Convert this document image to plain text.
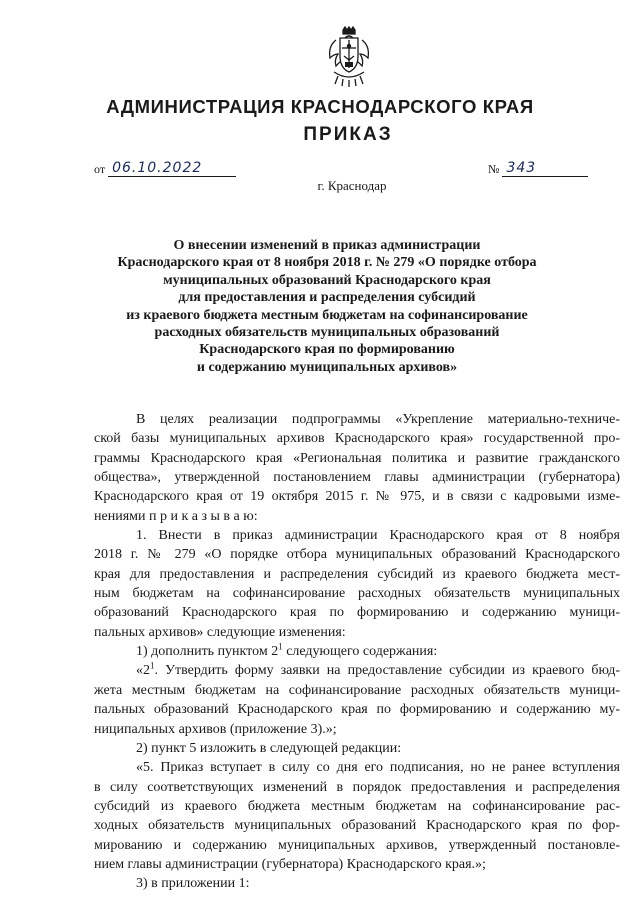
АДМИНИСТРАЦИЯ КРАСНОДАРСКОГО КРАЯ
ПРИКАЗ
от 06.10.2022	№ 343
г. Краснодар
О внесении изменений в приказ администрации
Краснодарского края от 8 ноября 2018 г. № 279 «О порядке отбора
муниципальных образований Краснодарского края
для предоставления и распределения субсидий
из краевого бюджета местным бюджетам на софинансирование
расходных обязательств муниципальных образований
Краснодарского края по формированию
и содержанию муниципальных архивов»
В целях реализации подпрограммы «Укрепление материально-техниче-
ской базы муниципальных архивов Краснодарского края» государственной про-
граммы Краснодарского края «Региональная политика и развитие гражданского
общества», утвержденной постановлением главы администрации (губернатора)
Краснодарского края от 19 октября 2015 г. № 975, и в связи с кадровыми изме-
нениями п р и к а з ы в а ю:
1. Внести в приказ администрации Краснодарского края от 8 ноября
2018 г. № 279 «О порядке отбора муниципальных образований Краснодарского
края для предоставления и распределения субсидий из краевого бюджета мест-
ным бюджетам на софинансирование расходных обязательств муниципальных
образований Краснодарского края по формированию и содержанию муници-
пальных архивов» следующие изменения:
1) дополнить пунктом $2^1$ следующего содержания:
«$2^1$. Утвердить форму заявки на предоставление субсидии из краевого бюд-
жета местным бюджетам на софинансирование расходных обязательств муници-
пальных образований Краснодарского края по формированию и содержанию му-
ниципальных архивов (приложение 3).»;
2) пункт 5 изложить в следующей редакции:
«5. Приказ вступает в силу со дня его подписания, но не ранее вступления
в силу соответствующих изменений в порядок предоставления и распределения
субсидий из краевого бюджета местным бюджетам на софинансирование рас-
ходных обязательств муниципальных образований Краснодарского края по фор-
мированию и содержанию муниципальных архивов, утвержденный постановле-
нием главы администрации (губернатора) Краснодарского края.»;
3) в приложении 1:
